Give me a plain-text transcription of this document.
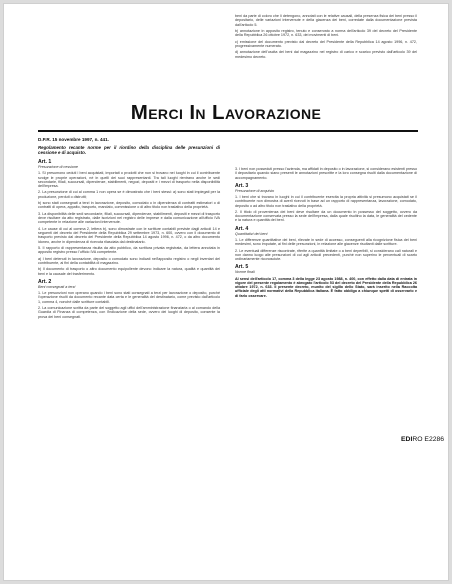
beni da parte di coloro che li detengono, annotati con le relative causali, della presenza fisica dei beni presso il depositario, delle variazioni intervenute e della giacenza dei beni, corredate dalla documentazione prevista dall'articolo 5.

b) annotazione in apposito registro, tenuto e conservato a norma dell'articolo 39 del decreto del Presidente della Repubblica 26 ottobre 1972, n. 633, dei movimenti di beni.

c) emissione del documento previsto dal decreto del Presidente della Repubblica 14 agosto 1996, n. 472, progressivamente numerato.

d) annotazione dell'uscita dei beni dal magazzino nel registro di carico e scarico previsto dall'articolo 39 del medesimo decreto.

Merci In Lavorazione

D.P.R. 15 novembre 1997, n. 441.

Regolamento recante norme per il riordino della disciplina delle presunzioni di cessione e di acquisto.

Art. 1

Presunzione di cessione

1. Si presumono ceduti i beni acquistati, importati o prodotti che non si trovano nei luoghi in cui il contribuente svolge le proprie operazioni, né in quelli dei suoi rappresentanti. Tra tali luoghi rientrano anche le sedi secondarie, filiali, succursali, dipendenze, stabilimenti, negozi, depositi e i mezzi di trasporto nella disponibilità dell'impresa.

2. La presunzione di cui al comma 1 non opera se è dimostrato che i beni stessi: a) sono stati impiegati per la produzione, perduti o distrutti;

b) sono stati consegnati a terzi in lavorazione, deposito, comodato o in dipendenza di contratti estimatori o di contratti di opera, appalto, trasporto, mandato, commissione o di altro titolo non traslativo della proprietà.

3. La disponibilità delle sedi secondarie, filiali, succursali, dipendenze, stabilimenti, depositi e mezzi di trasporto deve risultare da atto registrato, dalle iscrizioni nel registro delle imprese e dalla comunicazione all'ufficio IVA competente in relazione alle variazioni intervenute.

4. Le cause di cui al comma 2, lettera b), sono dimostrate con le scritture contabili previste dagli articoli 14 e seguenti del decreto del Presidente della Repubblica 29 settembre 1973, n. 600, ovvero con il documento di trasporto previsto dal decreto del Presidente della Repubblica 14 agosto 1996, n. 472, o da altro documento idoneo, anche in dipendenza di ricevuta rilasciata dal destinatario.

5. Il rapporto di rappresentanza risulta da atto pubblico, da scrittura privata registrata, da lettera annotata in apposito registro presso l'ufficio IVA competente.

a) I beni detenuti in lavorazione, deposito o comodato sono indicati nell'apposito registro o negli inventari del contribuente, ai fini della contabilità di magazzino.

b) Il documento di trasporto o altro documento equipollente devono indicare la natura, qualità e quantità dei beni e la causale del trasferimento.

Art. 2

Beni consegnati a terzi

1. Le presunzioni non operano quando i beni sono stati consegnati a terzi per lavorazione o deposito, purché l'operazione risulti da documento recante data certa e le generalità del destinatario, come previsto dall'articolo 1, comma 4, nonché dalle scritture contabili.

2. La comunicazione scritta da parte del soggetto agli uffici dell'amministrazione finanziaria o al comando della Guardia di Finanza di competenza, con l'indicazione della sede, ovvero dei luoghi di deposito, consente la prova dei beni consegnati.

3. I beni non posseduti presso l'azienda, ma affidati in deposito o in lavorazione, si considerano esistenti presso il depositario quando siano presenti le annotazioni prescritte e la loro consegna risulti dalla documentazione di accompagnamento.

Art. 3

Presunzione di acquisto

1. I beni che si trovano in luoghi in cui il contribuente esercita la propria attività si presumono acquistati se il contribuente non dimostra di averli ricevuti in base ad un rapporto di rappresentanza, lavorazione, comodato, deposito o ad altro titolo non traslativo della proprietà.

2. Il titolo di provenienza dei beni deve risultare da un documento in possesso del soggetto, ovvero da documentazione conservata presso la sede dell'impresa, dalla quale risultino la data, le generalità del cedente e la natura e quantità dei beni.

Art. 4

Quantitativi dei beni

1. Le differenze quantitative dei beni, rilevate in sede di accesso, conseguenti alla ricognizione fisica dei beni medesimi, sono imputate, ai fini delle presunzioni, in relazione alle giacenze risultanti dalle scritture.

2. Le eventuali differenze riscontrate, riferite a quantità limitate o a beni deperibili, si considerano cali naturali e non danno luogo alle presunzioni di cui agli articoli precedenti, purché non superino le percentuali di scarto ordinariamente riconosciute.

Art. 5

Norme finali

Al sensi dell'articolo 17, comma 3 della legge 23 agosto 1988, n. 400, con effetto dalla data di entrata in vigore del presente regolamento è abrogato l'articolo 53 del decreto del Presidente della Repubblica 26 ottobre 1972, n. 633. Il presente decreto, munito del sigillo dello Stato, sarà inserito nella Raccolta ufficiale degli atti normativi della Repubblica italiana. È fatto obbligo a chiunque spetti di osservarlo e di farlo osservare.

EDIRO E2286
